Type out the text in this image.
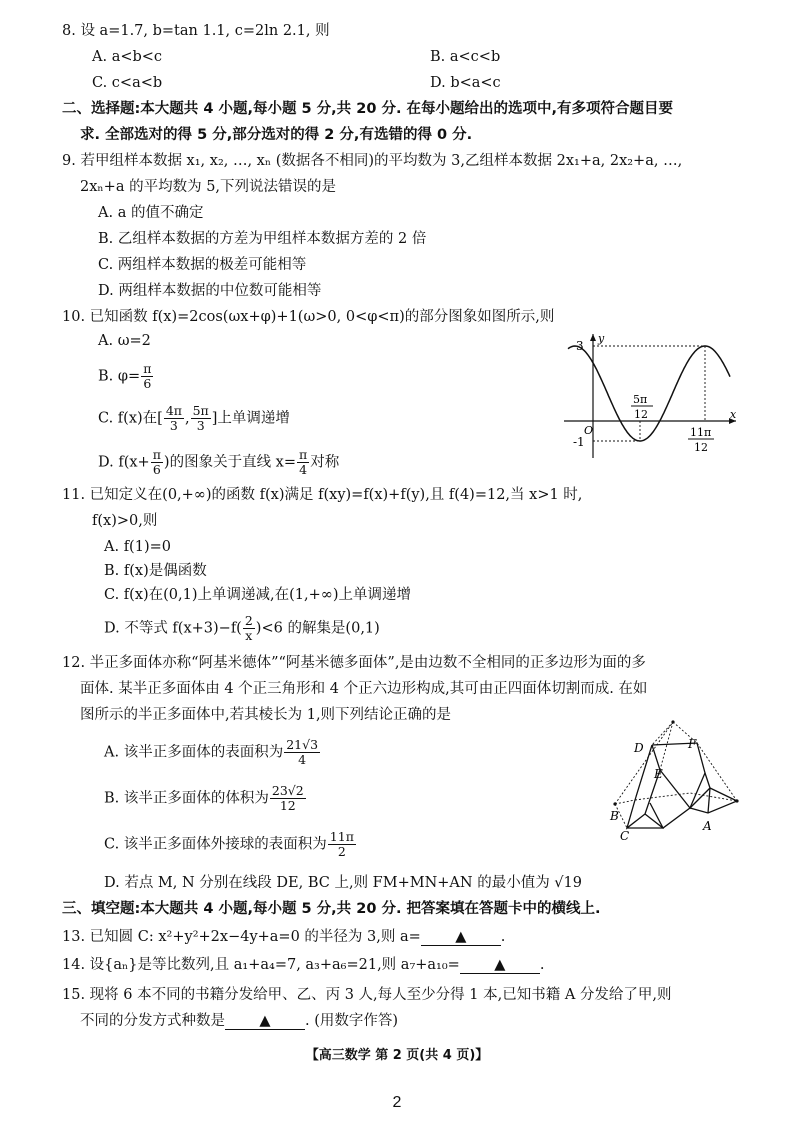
8. 设 a=1.7, b=tan 1.1, c=2ln 2.1, 则
A. a<b<c	B. a<c<b
C. c<a<b	D. b<a<c
二、选择题:本大题共 4 小题,每小题 5 分,共 20 分. 在每小题给出的选项中,有多项符合题目要
求. 全部选对的得 5 分,部分选对的得 2 分,有选错的得 0 分.
9. 若甲组样本数据 x₁, x₂, …, xₙ (数据各不相同)的平均数为 3,乙组样本数据 2x₁+a, 2x₂+a, …,
2xₙ+a 的平均数为 5,下列说法错误的是
A. a 的值不确定
B. 乙组样本数据的方差为甲组样本数据方差的 2 倍
C. 两组样本数据的极差可能相等
D. 两组样本数据的中位数可能相等
10. 已知函数 f(x)=2cos(ωx+φ)+1(ω>0, 0<φ<π)的部分图象如图所示,则
A. ω=2
B. $\varphi= \frac{\pi}{6}$
C. f(x)在[ $\frac{4\pi}{3}$ , $\frac{5\pi}{3}$ ]上单调递增
D. $f(x+ \frac{\pi}{6}$ )的图象关于直线 $x= \frac{\pi}{4}$ 对称
3
y
O
-1
x
5π
12
11π
12
11. 已知定义在(0,+∞)的函数 f(x)满足 f(xy)=f(x)+f(y),且 f(4)=12,当 x>1 时,
f(x)>0,则
A. f(1)=0
B. f(x)是偶函数
C. f(x)在(0,1)上单调递减,在(1,+∞)上单调递增
D. 不等式 $f(x+3)-f( \frac{2}{x} )<6$ 的解集是(0,1)
12. 半正多面体亦称“阿基米德体”“阿基米德多面体”,是由边数不全相同的正多边形为面的多
面体. 某半正多面体由 4 个正三角形和 4 个正六边形构成,其可由正四面体切割而成. 在如
图所示的半正多面体中,若其棱长为 1,则下列结论正确的是
A. 该半正多面体的表面积为 $\frac{21√3}{4}$
B. 该半正多面体的体积为 $\frac{23√2}{12}$
C. 该半正多面体外接球的表面积为 $\frac{11\pi}{2}$
D. 若点 M, N 分别在线段 DE, BC 上,则 FM+MN+AN 的最小值为 √19
D	F
E
B
C
A
三、填空题:本大题共 4 小题,每小题 5 分,共 20 分. 把答案填在答题卡中的横线上.
13. 已知圆 C: x²+y²+2x−4y+a=0 的半径为 3,则 a= ▲ .
14. 设{aₙ}是等比数列,且 a₁+a₄=7, a₃+a₆=21,则 a₇+a₁₀= ▲ .
15. 现将 6 本不同的书籍分发给甲、乙、丙 3 人,每人至少分得 1 本,已知书籍 A 分发给了甲,则
不同的分发方式种数是 ▲ . (用数字作答)
【高三数学 第 2 页(共 4 页)】
2
